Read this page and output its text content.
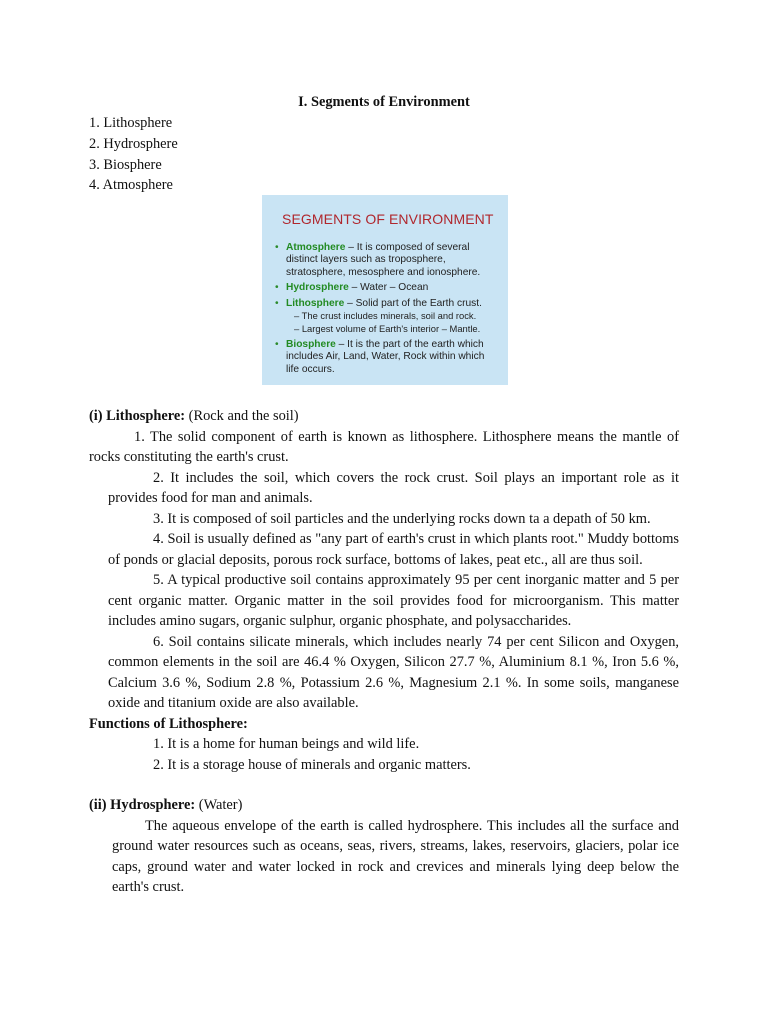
I. Segments of Environment
1. Lithosphere
2. Hydrosphere
3. Biosphere
4. Atmosphere
SEGMENTS OF ENVIRONMENT
• Atmosphere – It is composed of several distinct layers such as troposphere, stratosphere, mesosphere and ionosphere.
• Hydrosphere – Water – Ocean
• Lithosphere – Solid part of the Earth crust.
– The crust includes minerals, soil and rock.
– Largest volume of Earth's interior – Mantle.
• Biosphere – It is the part of the earth which includes Air, Land, Water, Rock within which life occurs.
(i) Lithosphere: (Rock and the soil)
1. The solid component of earth is known as lithosphere. Lithosphere means the mantle of rocks constituting the earth's crust.
2. It includes the soil, which covers the rock crust. Soil plays an important role as it provides food for man and animals.
3. It is composed of soil particles and the underlying rocks down ta a depath of 50 km.
4. Soil is usually defined as "any part of earth's crust in which plants root." Muddy bottoms of ponds or glacial deposits, porous rock surface, bottoms of lakes, peat etc., all are thus soil.
5. A typical productive soil contains approximately 95 per cent inorganic matter and 5 per cent organic matter. Organic matter in the soil provides food for microorganism. This matter includes amino sugars, organic sulphur, organic phosphate, and polysaccharides.
6. Soil contains silicate minerals, which includes nearly 74 per cent Silicon and Oxygen, common elements in the soil are 46.4 % Oxygen, Silicon 27.7 %, Aluminium 8.1 %, Iron 5.6 %, Calcium 3.6 %, Sodium 2.8 %, Potassium 2.6 %, Magnesium 2.1 %. In some soils, manganese oxide and titanium oxide are also available.
Functions of Lithosphere:
1. It is a home for human beings and wild life.
2. It is a storage house of minerals and organic matters.
(ii) Hydrosphere: (Water)
The aqueous envelope of the earth is called hydrosphere. This includes all the surface and ground water resources such as oceans, seas, rivers, streams, lakes, reservoirs, glaciers, polar ice caps, ground water and water locked in rock and crevices and minerals lying deep below the earth's crust.
